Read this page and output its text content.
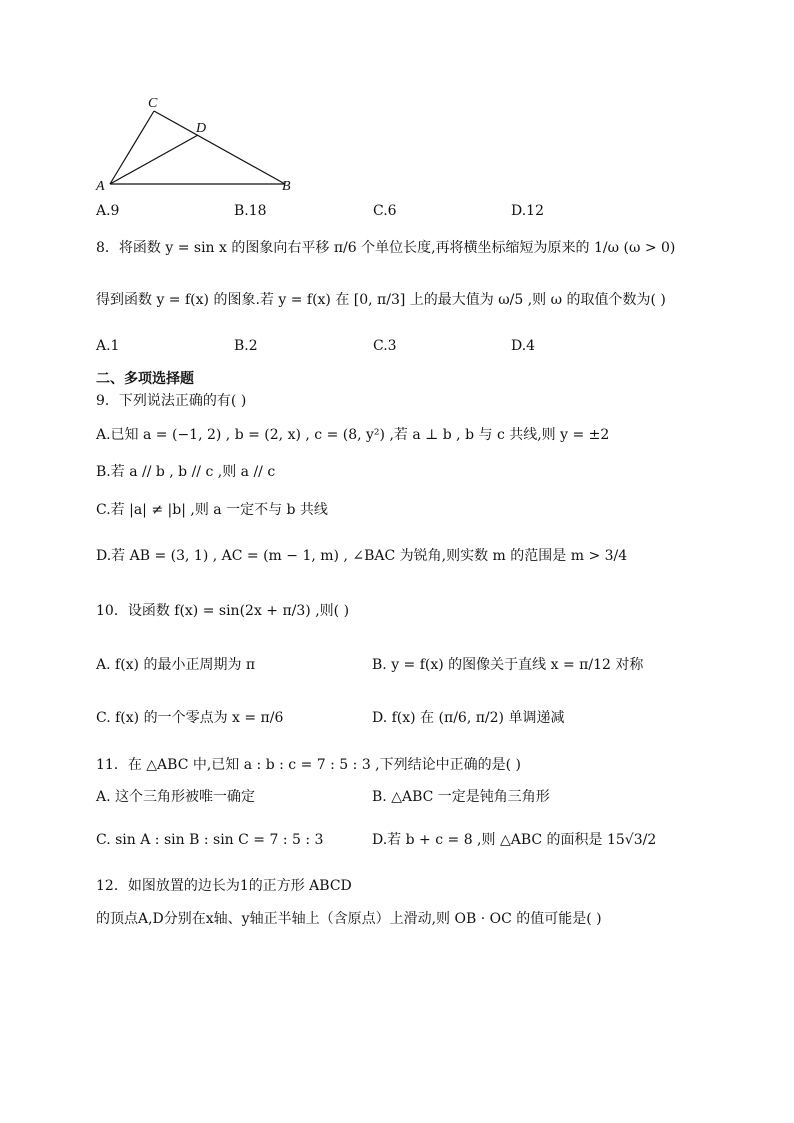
C
D
A	B
A.9	B.18	C.6	D.12
8．将函数 y = sin x 的图象向右平移 π/6 个单位长度,再将横坐标缩短为原来的 1/ω (ω > 0)
得到函数 y = f(x) 的图象.若 y = f(x) 在 [0, π/3] 上的最大值为 ω/5 ,则 ω 的取值个数为( )
A.1	B.2	C.3	D.4
二、多项选择题
9．下列说法正确的有( )
A.已知 a = (−1, 2) , b = (2, x) , c = (8, y²) ,若 a ⊥ b , b 与 c 共线,则 y = ±2
B.若 a // b , b // c ,则 a // c
C.若 |a| ≠ |b| ,则 a 一定不与 b 共线
D.若 AB = (3, 1) , AC = (m − 1, m) , ∠BAC 为锐角,则实数 m 的范围是 m > 3/4
10．设函数 f(x) = sin(2x + π/3) ,则( )
A. f(x) 的最小正周期为 π	B. y = f(x) 的图像关于直线 x = π/12 对称
C. f(x) 的一个零点为 x = π/6	D. f(x) 在 (π/6, π/2) 单调递减
11．在 △ABC 中,已知 a : b : c = 7 : 5 : 3 ,下列结论中正确的是( )
A. 这个三角形被唯一确定	B. △ABC 一定是钝角三角形
C. sin A : sin B : sin C = 7 : 5 : 3	D.若 b + c = 8 ,则 △ABC 的面积是 15√3/2
12．如图放置的边长为1的正方形 ABCD
的顶点A,D分别在x轴、y轴正半轴上（含原点）上滑动,则 OB · OC 的值可能是( )
